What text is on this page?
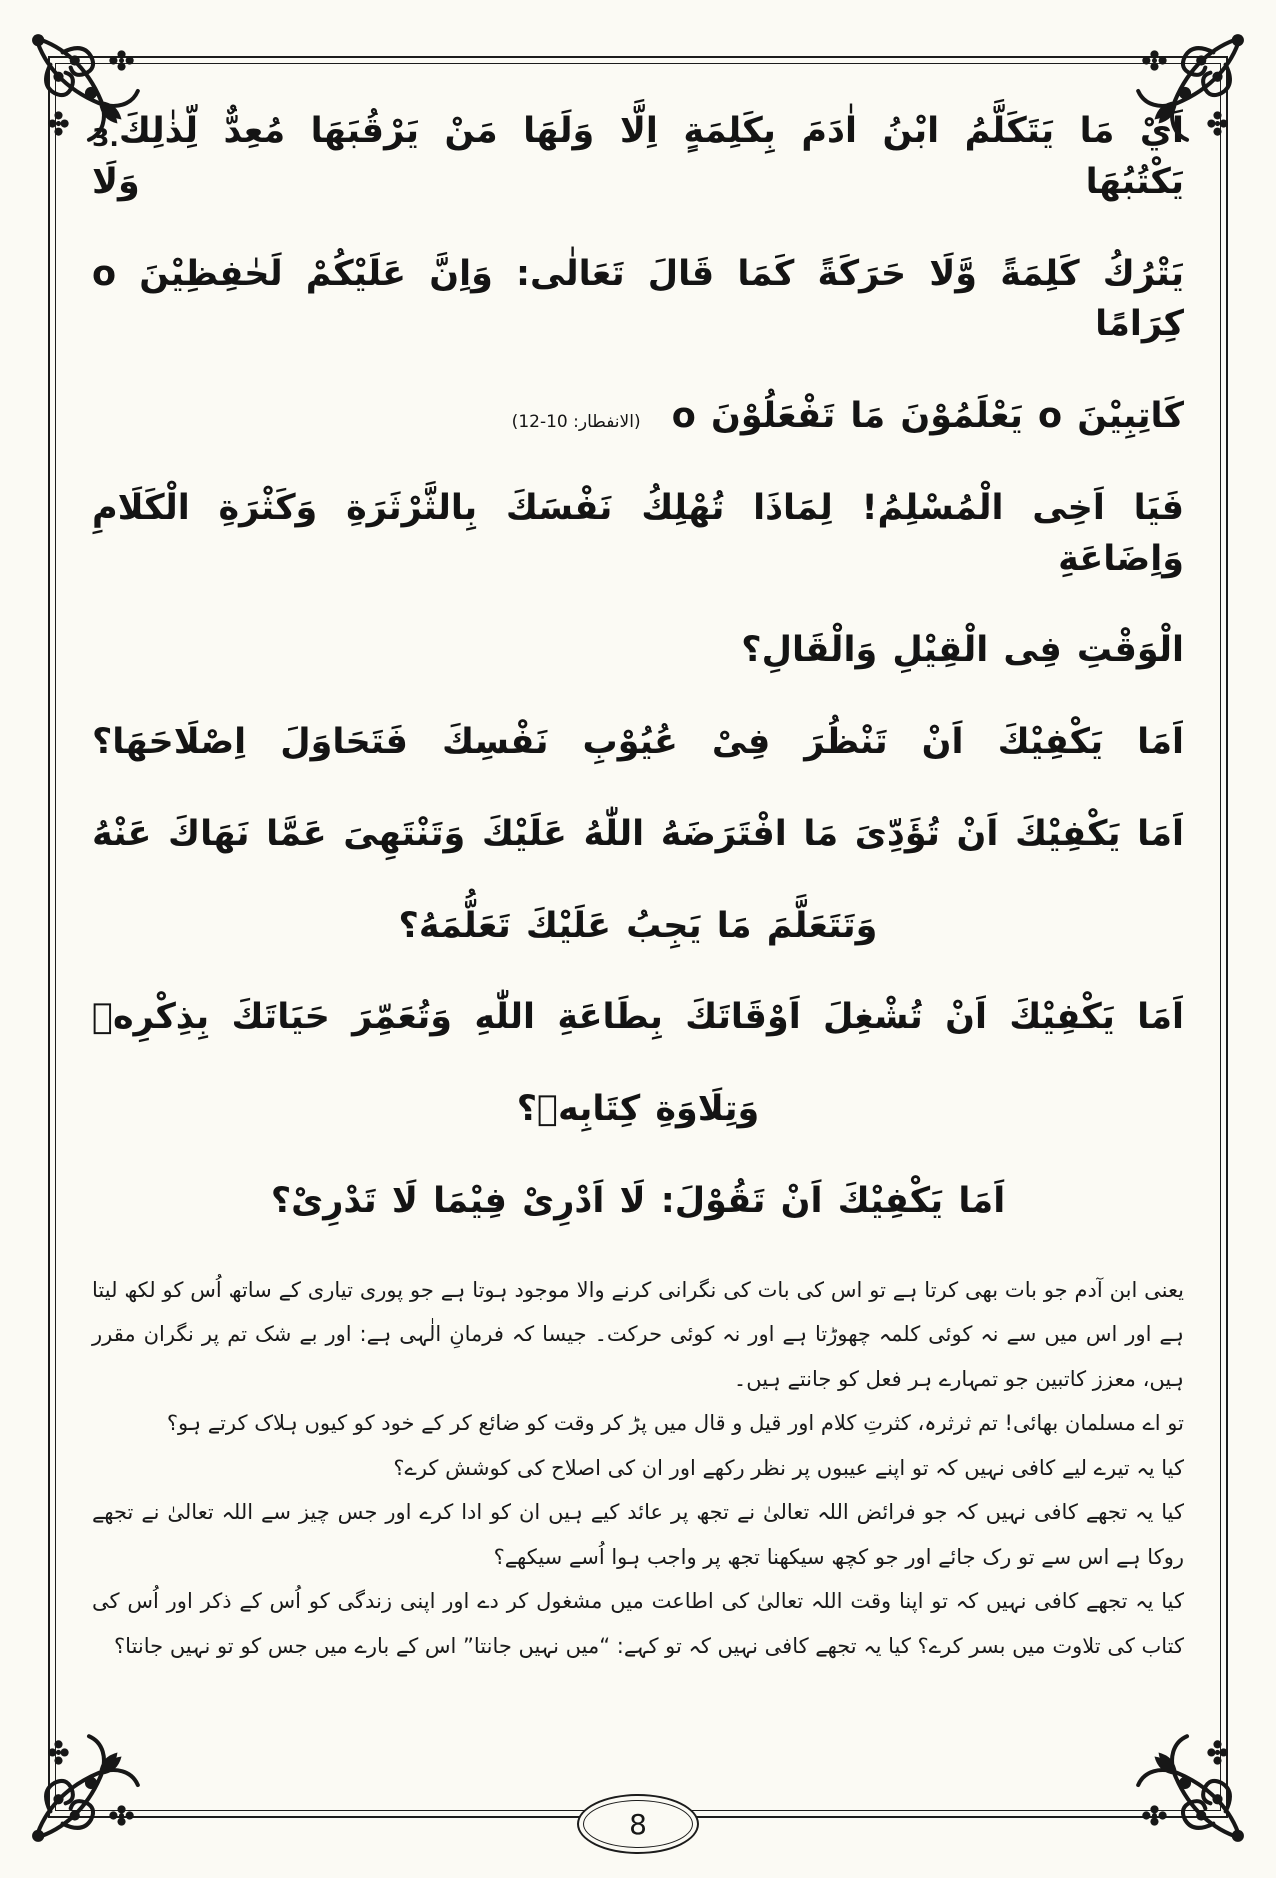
3. اَيْ مَا يَتَكَلَّمُ ابْنُ اٰدَمَ بِكَلِمَةٍ اِلَّا وَلَهَا مَنْ يَرْقُبَهَا مُعِدٌّ لِّذٰلِكَ يَكْتُبُهَا وَلَا
يَتْرُكُ كَلِمَةً وَّلَا حَرَكَةً كَمَا قَالَ تَعَالٰى: وَاِنَّ عَلَيْكُمْ لَحٰفِظِيْنَ o كِرَامًا
كَاتِبِيْنَ o يَعْلَمُوْنَ مَا تَفْعَلُوْنَ o (الانفطار: 10-12)
فَيَا اَخِى الْمُسْلِمُ! لِمَاذَا تُهْلِكُ نَفْسَكَ بِالثَّرْثَرَةِ وَكَثْرَةِ الْكَلَامِ وَاِضَاعَةِ
الْوَقْتِ فِى الْقِيْلِ وَالْقَالِ؟
اَمَا يَكْفِيْكَ اَنْ تَنْظُرَ فِىْ عُيُوْبِ نَفْسِكَ فَتَحَاوَلَ اِصْلَاحَهَا؟
اَمَا يَكْفِيْكَ اَنْ تُؤَدِّىَ مَا افْتَرَضَهُ اللّٰهُ عَلَيْكَ وَتَنْتَهِىَ عَمَّا نَهَاكَ عَنْهُ
وَتَتَعَلَّمَ مَا يَجِبُ عَلَيْكَ تَعَلُّمَهُ؟
اَمَا يَكْفِيْكَ اَنْ تُشْغِلَ اَوْقَاتَكَ بِطَاعَةِ اللّٰهِ وَتُعَمِّرَ حَيَاتَكَ بِذِكْرِهٖ
وَتِلَاوَةِ كِتَابِهٖ؟
اَمَا يَكْفِيْكَ اَنْ تَقُوْلَ: لَا اَدْرِىْ فِيْمَا لَا تَدْرِىْ؟

یعنی ابن آدم جو بات بھی کرتا ہے تو اس کی بات کی نگرانی کرنے والا موجود ہوتا ہے جو پوری تیاری کے ساتھ اُس کو لکھ لیتا ہے اور اس میں سے نہ کوئی کلمہ چھوڑتا ہے اور نہ کوئی حرکت۔ جیسا کہ فرمانِ الٰہی ہے: اور بے شک تم پر نگران مقرر ہیں، معزز کاتبین جو تمہارے ہر فعل کو جانتے ہیں۔

تو اے مسلمان بھائی! تم ثرثرہ، کثرتِ کلام اور قیل و قال میں پڑ کر وقت کو ضائع کر کے خود کو کیوں ہلاک کرتے ہو؟

کیا یہ تیرے لیے کافی نہیں کہ تو اپنے عیبوں پر نظر رکھے اور ان کی اصلاح کی کوشش کرے؟

کیا یہ تجھے کافی نہیں کہ جو فرائض اللہ تعالیٰ نے تجھ پر عائد کیے ہیں ان کو ادا کرے اور جس چیز سے اللہ تعالیٰ نے تجھے روکا ہے اس سے تو رک جائے اور جو کچھ سیکھنا تجھ پر واجب ہوا اُسے سیکھے؟

کیا یہ تجھے کافی نہیں کہ تو اپنا وقت اللہ تعالیٰ کی اطاعت میں مشغول کر دے اور اپنی زندگی کو اُس کے ذکر اور اُس کی کتاب کی تلاوت میں بسر کرے؟ کیا یہ تجھے کافی نہیں کہ تو کہے: “میں نہیں جانتا” اس کے بارے میں جس کو تو نہیں جانتا؟

8
